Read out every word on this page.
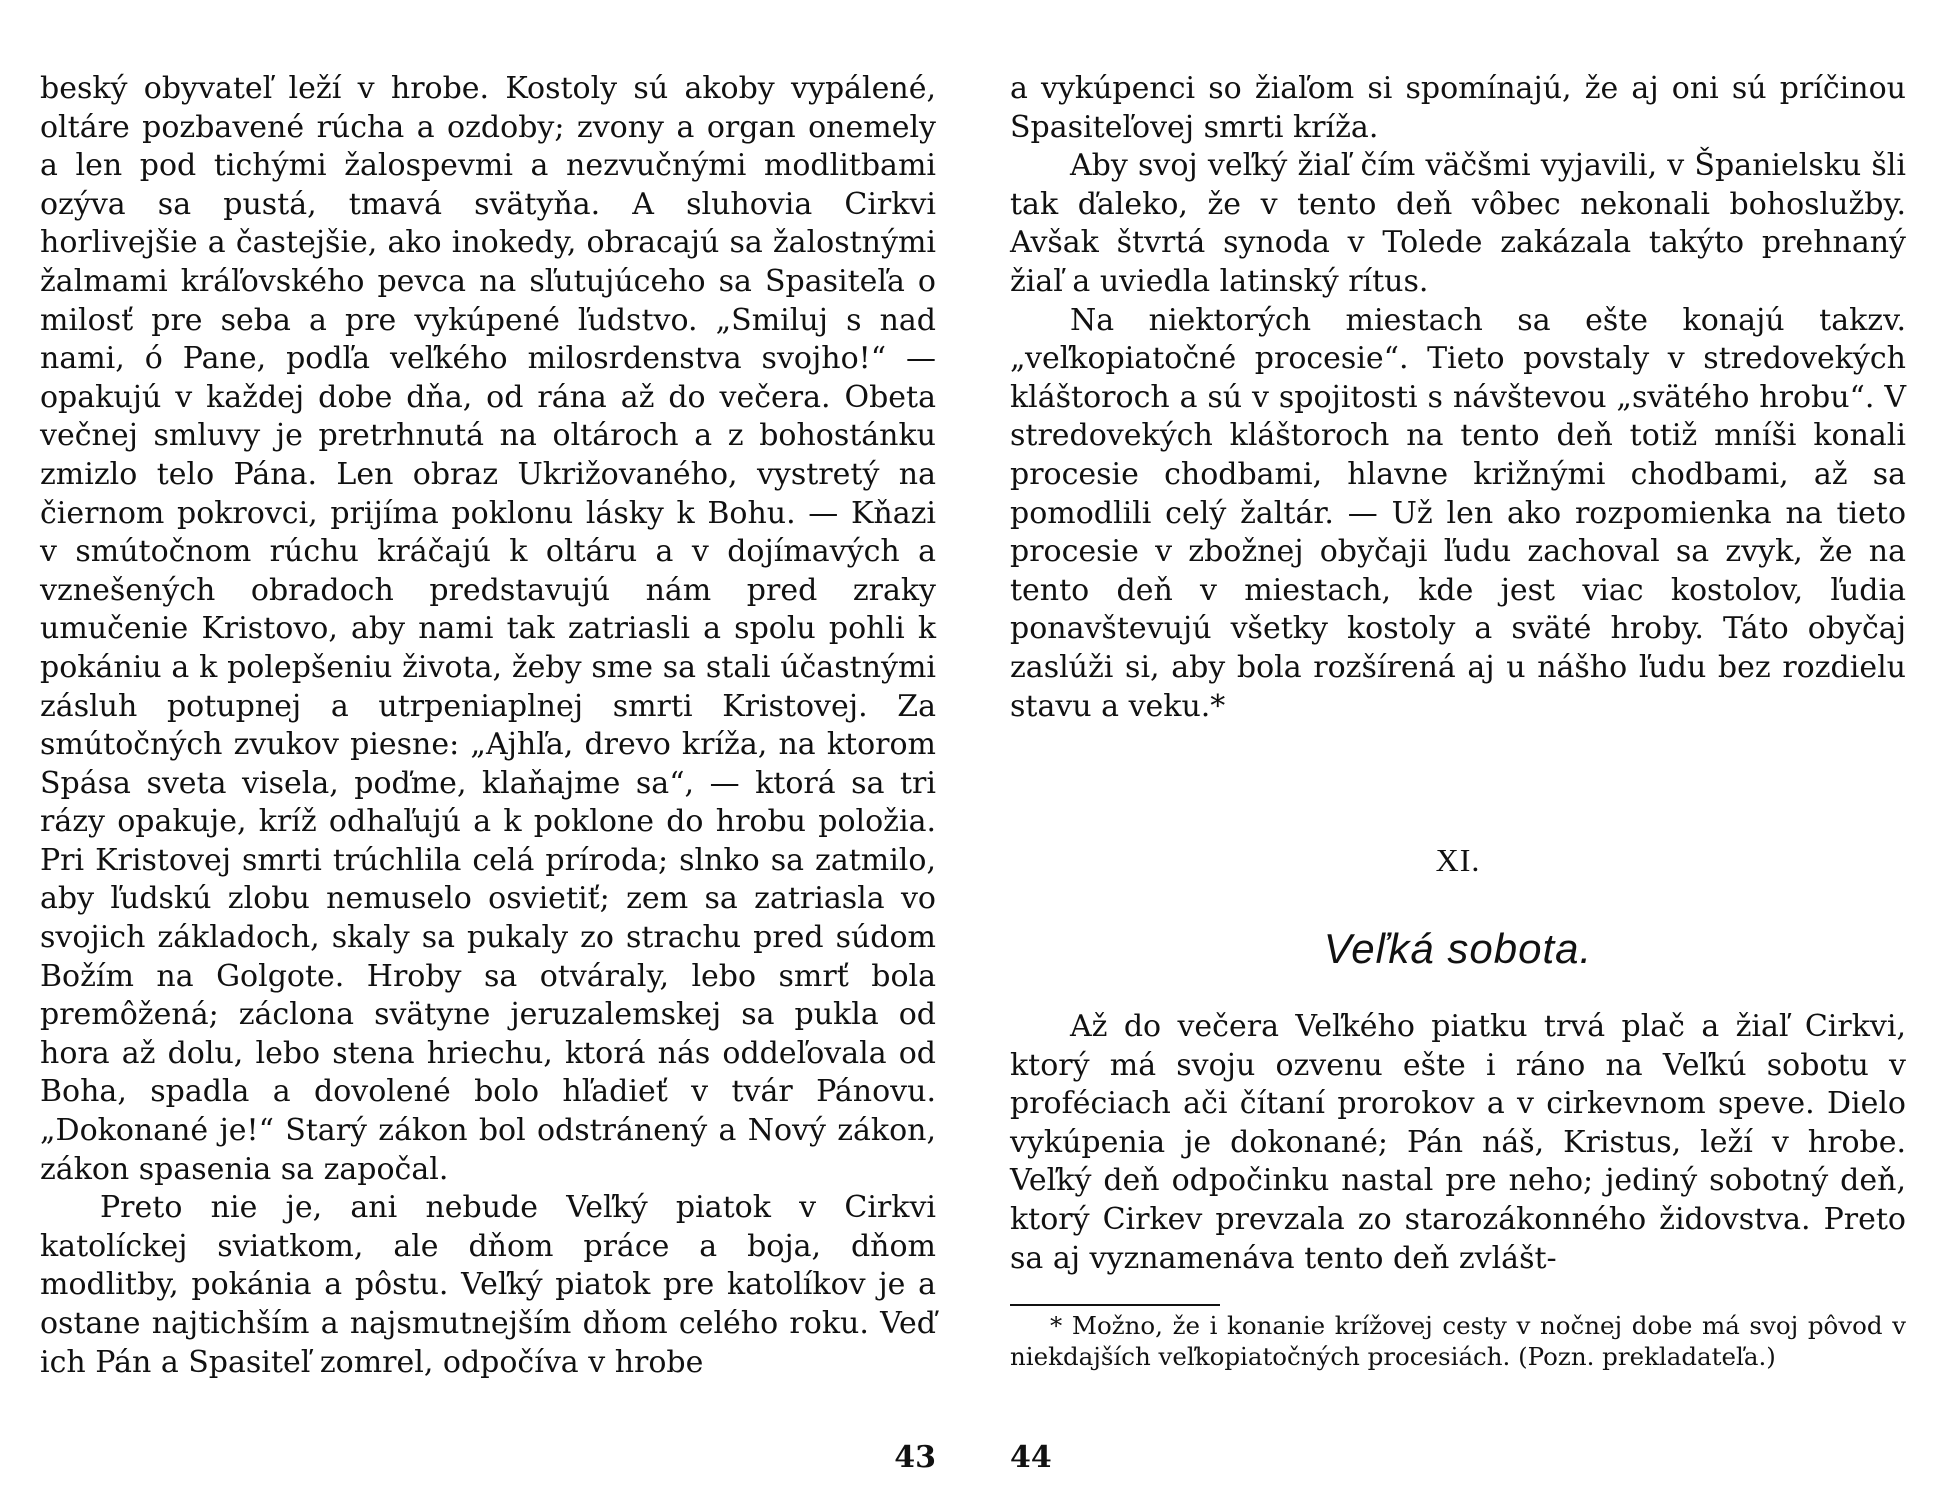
beský obyvateľ leží v hrobe. Kostoly sú akoby vypálené, oltáre pozbavené rúcha a ozdoby; zvony a organ onemely a len pod tichými žalospevmi a nezvučnými modlitbami ozýva sa pustá, tmavá svätyňa. A sluhovia Cirkvi horlivejšie a častejšie, ako inokedy, obracajú sa žalostnými žalmami kráľovského pevca na sľutujúceho sa Spasiteľa o milosť pre seba a pre vykúpené ľudstvo. „Smiluj s nad nami, ó Pane, podľa veľkého milosrdenstva svojho!“ — opakujú v každej dobe dňa, od rána až do večera. Obeta večnej smluvy je pretrhnutá na oltároch a z bohostánku zmizlo telo Pána. Len obraz Ukrižovaného, vystretý na čiernom pokrovci, prijíma poklonu lásky k Bohu. — Kňazi v smútočnom rúchu kráčajú k oltáru a v dojímavých a vznešených obradoch predstavujú nám pred zraky umučenie Kristovo, aby nami tak zatriasli a spolu pohli k pokániu a k polepšeniu života, žeby sme sa stali účastnými zásluh potupnej a utrpeniaplnej smrti Kristovej. Za smútočných zvukov piesne: „Ajhľa, drevo kríža, na ktorom Spása sveta visela, poďme, klaňajme sa“, — ktorá sa tri rázy opakuje, kríž odhaľujú a k poklone do hrobu položia. Pri Kristovej smrti trúchlila celá príroda; slnko sa zatmilo, aby ľudskú zlobu nemuselo osvietiť; zem sa zatriasla vo svojich základoch, skaly sa pukaly zo strachu pred súdom Božím na Golgote. Hroby sa otváraly, lebo smrť bola premôžená; záclona svätyne jeruzalemskej sa pukla od hora až dolu, lebo stena hriechu, ktorá nás oddeľovala od Boha, spadla a dovolené bolo hľadieť v tvár Pánovu. „Dokonané je!“ Starý zákon bol odstránený a Nový zákon, zákon spasenia sa započal.

Preto nie je, ani nebude Veľký piatok v Cirkvi katolíckej sviatkom, ale dňom práce a boja, dňom modlitby, pokánia a pôstu. Veľký piatok pre katolíkov je a ostane najtichším a najsmutnejším dňom celého roku. Veď ich Pán a Spasiteľ zomrel, odpočíva v hrobe

43

a vykúpenci so žiaľom si spomínajú, že aj oni sú príčinou Spasiteľovej smrti kríža.

Aby svoj veľký žiaľ čím väčšmi vyjavili, v Španielsku šli tak ďaleko, že v tento deň vôbec nekonali bohoslužby. Avšak štvrtá synoda v Tolede zakázala takýto prehnaný žiaľ a uviedla latinský rítus.

Na niektorých miestach sa ešte konajú takzv. „veľkopiatočné procesie“. Tieto povstaly v stredovekých kláštoroch a sú v spojitosti s návštevou „svätého hrobu“. V stredovekých kláštoroch na tento deň totiž mníši konali procesie chodbami, hlavne križnými chodbami, až sa pomodlili celý žaltár. — Už len ako rozpomienka na tieto procesie v zbožnej obyčaji ľudu zachoval sa zvyk, že na tento deň v miestach, kde jest viac kostolov, ľudia ponavštevujú všetky kostoly a sväté hroby. Táto obyčaj zaslúži si, aby bola rozšírená aj u nášho ľudu bez rozdielu stavu a veku.*

XI.
Veľká sobota.

Až do večera Veľkého piatku trvá plač a žiaľ Cirkvi, ktorý má svoju ozvenu ešte i ráno na Veľkú sobotu v proféciach ači čítaní prorokov a v cirkevnom speve. Dielo vykúpenia je dokonané; Pán náš, Kristus, leží v hrobe. Veľký deň odpočinku nastal pre neho; jediný sobotný deň, ktorý Cirkev prevzala zo starozákonného židovstva. Preto sa aj vyznamenáva tento deň zvlášt-

* Možno, že i konanie krížovej cesty v nočnej dobe má svoj pôvod v niekdajších veľkopiatočných procesiách. (Pozn. prekladateľa.)
44
